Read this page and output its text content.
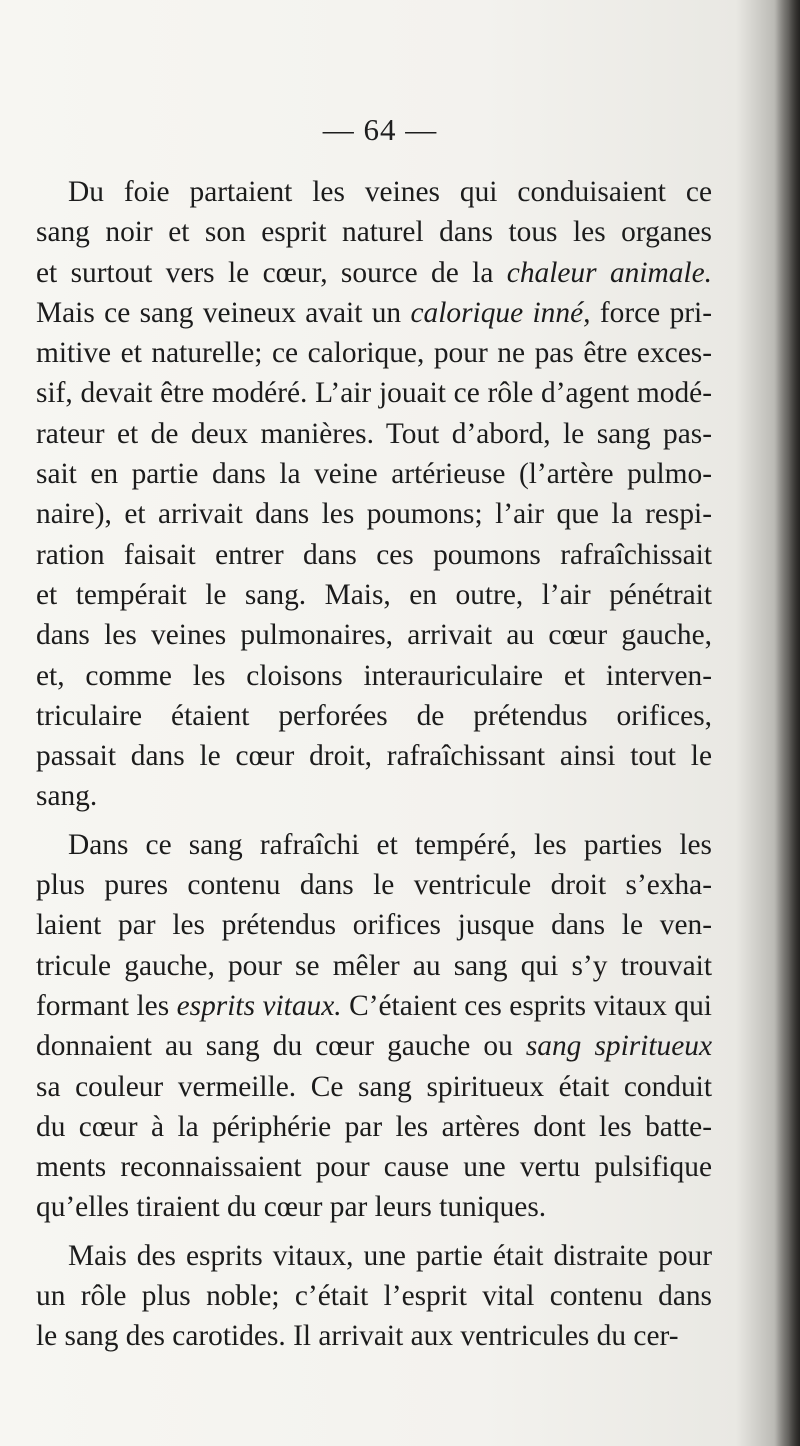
— 64 —
Du foie partaient les veines qui conduisaient ce
sang noir et son esprit naturel dans tous les organes
et surtout vers le cœur, source de la chaleur animale.
Mais ce sang veineux avait un calorique inné, force pri-
mitive et naturelle; ce calorique, pour ne pas être exces-
sif, devait être modéré. L’air jouait ce rôle d’agent modé-
rateur et de deux manières. Tout d’abord, le sang pas-
sait en partie dans la veine artérieuse (l’artère pulmo-
naire), et arrivait dans les poumons; l’air que la respi-
ration faisait entrer dans ces poumons rafraîchissait
et tempérait le sang. Mais, en outre, l’air pénétrait
dans les veines pulmonaires, arrivait au cœur gauche,
et, comme les cloisons interauriculaire et interven-
triculaire étaient perforées de prétendus orifices,
passait dans le cœur droit, rafraîchissant ainsi tout le
sang.
Dans ce sang rafraîchi et tempéré, les parties les
plus pures contenu dans le ventricule droit s’exha-
laient par les prétendus orifices jusque dans le ven-
tricule gauche, pour se mêler au sang qui s’y trouvait
formant les esprits vitaux. C’étaient ces esprits vitaux qui
donnaient au sang du cœur gauche ou sang spiritueux
sa couleur vermeille. Ce sang spiritueux était conduit
du cœur à la périphérie par les artères dont les batte-
ments reconnaissaient pour cause une vertu pulsifique
qu’elles tiraient du cœur par leurs tuniques.
Mais des esprits vitaux, une partie était distraite pour
un rôle plus noble; c’était l’esprit vital contenu dans
le sang des carotides. Il arrivait aux ventricules du cer-
